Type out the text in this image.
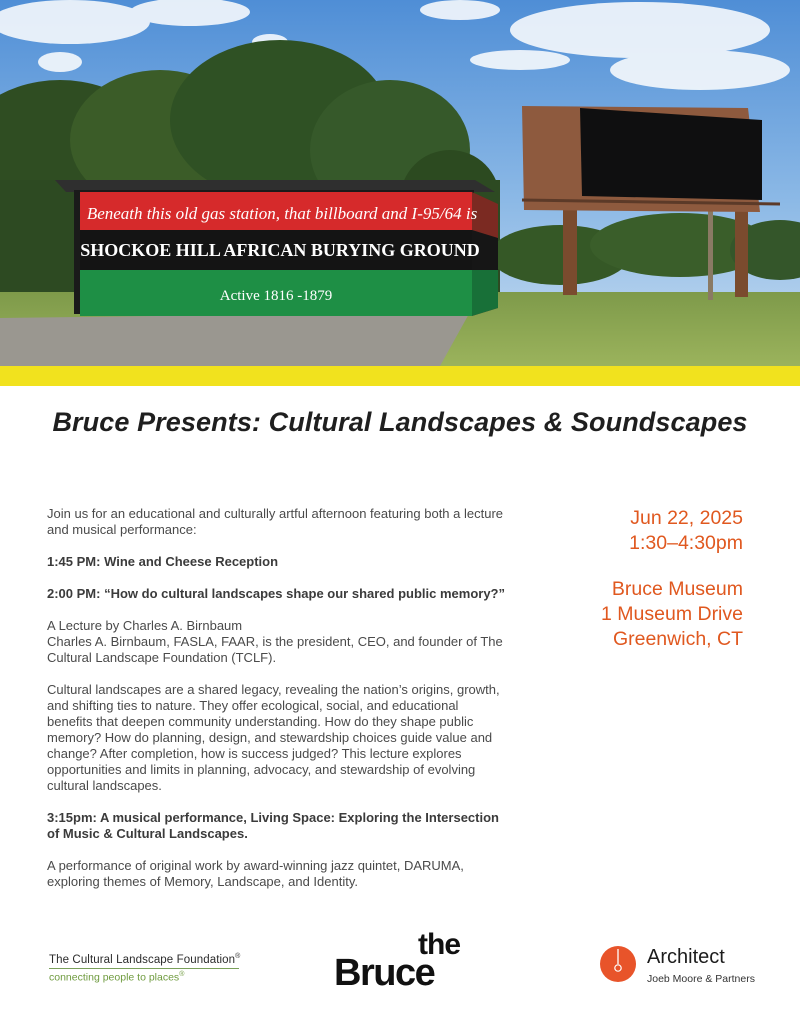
Beneath this old gas station, that billboard and I-95/64 is
SHOCKOE HILL AFRICAN BURYING GROUND
Active 1816 -1879
Bruce Presents: Cultural Landscapes & Soundscapes

Join us for an educational and culturally artful afternoon featuring both a lecture and musical performance:

1:45 PM: Wine and Cheese Reception

2:00 PM: “How do cultural landscapes shape our shared public memory?”

A Lecture by Charles A. Birnbaum

Charles A. Birnbaum, FASLA, FAAR, is the president, CEO, and founder of The Cultural Landscape Foundation (TCLF).

Cultural landscapes are a shared legacy, revealing the nation’s origins, growth, and shifting ties to nature. They offer ecological, social, and educational benefits that deepen community understanding. How do they shape public memory? How do planning, design, and stewardship choices guide value and change? After completion, how is success judged? This lecture explores opportunities and limits in planning, advocacy, and stewardship of evolving cultural landscapes.

3:15pm: A musical performance, Living Space: Exploring the Intersection of Music & Cultural Landscapes.

A performance of original work by award-winning jazz quintet, DARUMA, exploring themes of Memory, Landscape, and Identity.

Jun 22, 2025
1:30–4:30pm
Bruce Museum
1 Museum Drive
Greenwich, CT
The Cultural Landscape Foundation®
connecting people to places®
the
Bruce	Architect
Joeb Moore & Partners
